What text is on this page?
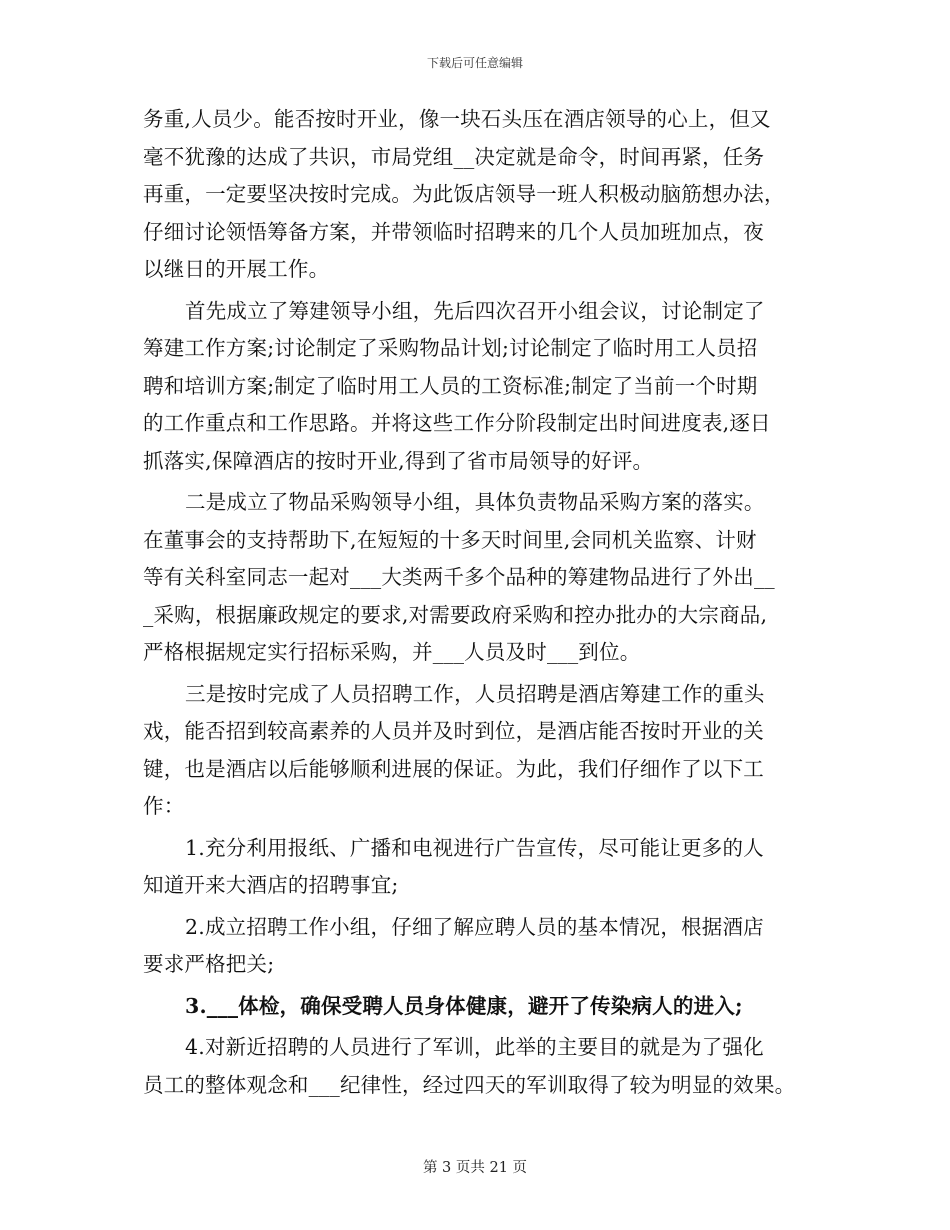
下载后可任意编辑
务重,人员少。能否按时开业，像一块石头压在酒店领导的心上，但又
毫不犹豫的达成了共识，市局党组__决定就是命令，时间再紧，任务
再重，一定要坚决按时完成。为此饭店领导一班人积极动脑筋想办法，
仔细讨论领悟筹备方案，并带领临时招聘来的几个人员加班加点，夜
以继日的开展工作。
首先成立了筹建领导小组，先后四次召开小组会议，讨论制定了
筹建工作方案;讨论制定了采购物品计划;讨论制定了临时用工人员招
聘和培训方案;制定了临时用工人员的工资标准;制定了当前一个时期
的工作重点和工作思路。并将这些工作分阶段制定出时间进度表,逐日
抓落实,保障酒店的按时开业,得到了省市局领导的好评。
二是成立了物品采购领导小组，具体负责物品采购方案的落实。
在董事会的支持帮助下,在短短的十多天时间里,会同机关监察、计财
等有关科室同志一起对___大类两千多个品种的筹建物品进行了外出__
_采购，根据廉政规定的要求,对需要政府采购和控办批办的大宗商品,
严格根据规定实行招标采购，并___人员及时___到位。
三是按时完成了人员招聘工作，人员招聘是酒店筹建工作的重头
戏，能否招到较高素养的人员并及时到位，是酒店能否按时开业的关
键，也是酒店以后能够顺利进展的保证。为此，我们仔细作了以下工
作：
1.充分利用报纸、广播和电视进行广告宣传，尽可能让更多的人
知道开来大酒店的招聘事宜;
2.成立招聘工作小组，仔细了解应聘人员的基本情况，根据酒店
要求严格把关;
3.___体检，确保受聘人员身体健康，避开了传染病人的进入;
4.对新近招聘的人员进行了军训，此举的主要目的就是为了强化
员工的整体观念和___纪律性，经过四天的军训取得了较为明显的效果。
第 3 页共 21 页
